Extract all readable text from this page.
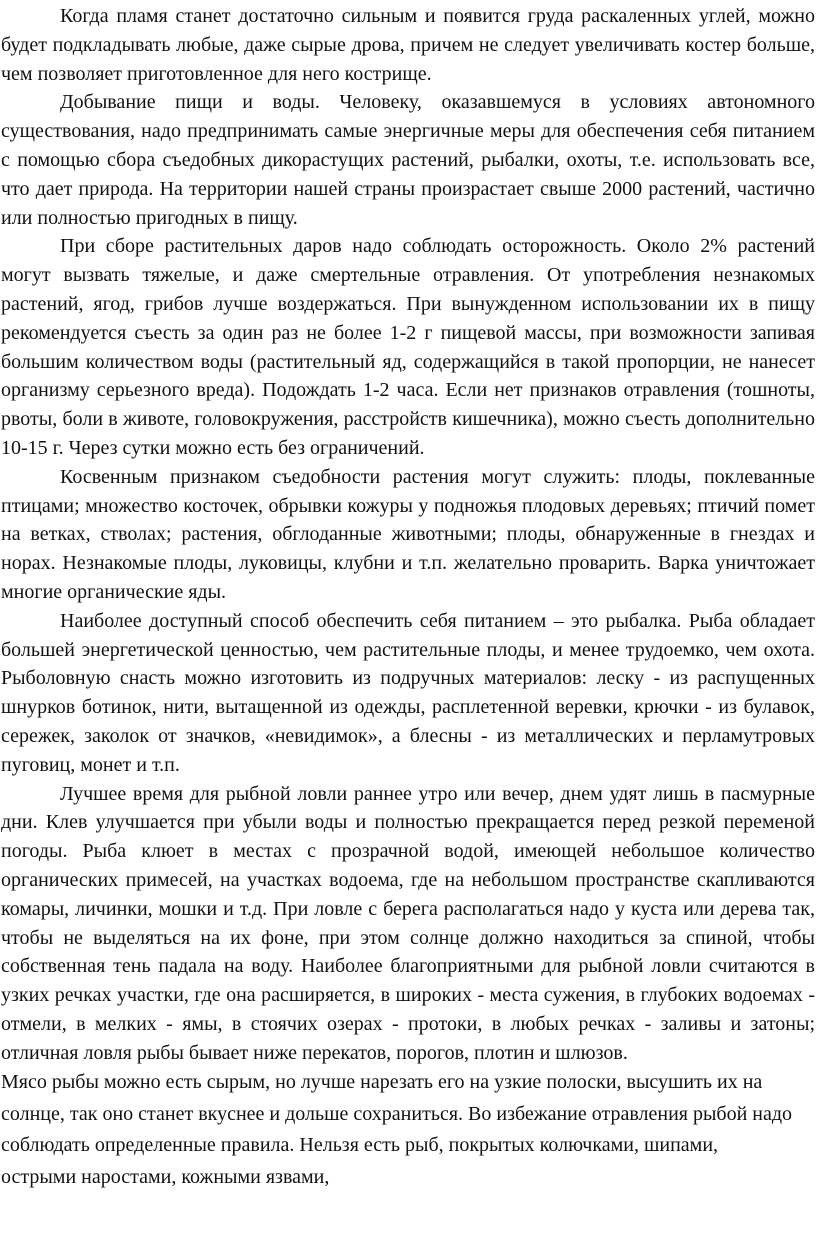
Когда пламя станет достаточно сильным и появится груда раскаленных углей, можно будет подкладывать любые, даже сырые дрова, причем не следует увеличивать костер больше, чем позволяет приготовленное для него кострище.

Добывание пищи и воды. Человеку, оказавшемуся в условиях автономного существования, надо предпринимать самые энергичные меры для обеспечения себя питанием с помощью сбора съедобных дикорастущих растений, рыбалки, охоты, т.е. использовать все, что дает природа. На территории нашей страны произрастает свыше 2000 растений, частично или полностью пригодных в пищу.

При сборе растительных даров надо соблюдать осторожность. Около 2% растений могут вызвать тяжелые, и даже смертельные отравления. От употребления незнакомых растений, ягод, грибов лучше воздержаться. При вынужденном использовании их в пищу рекомендуется съесть за один раз не более 1-2 г пищевой массы, при возможности запивая большим количеством воды (растительный яд, содержащийся в такой пропорции, не нанесет организму серьезного вреда). Подождать 1-2 часа. Если нет признаков отравления (тошноты, рвоты, боли в животе, головокружения, расстройств кишечника), можно съесть дополнительно 10-15 г. Через сутки можно есть без ограничений.

Косвенным признаком съедобности растения могут служить: плоды, поклеванные птицами; множество косточек, обрывки кожуры у подножья плодовых деревьях; птичий помет на ветках, стволах; растения, обглоданные животными; плоды, обнаруженные в гнездах и норах. Незнакомые плоды, луковицы, клубни и т.п. желательно проварить. Варка уничтожает многие органические яды.

Наиболее доступный способ обеспечить себя питанием – это рыбалка. Рыба обладает большей энергетической ценностью, чем растительные плоды, и менее трудоемко, чем охота. Рыболовную снасть можно изготовить из подручных материалов: леску - из распущенных шнурков ботинок, нити, вытащенной из одежды, расплетенной веревки, крючки - из булавок, сережек, заколок от значков, «невидимок», а блесны - из металлических и перламутровых пуговиц, монет и т.п.

Лучшее время для рыбной ловли раннее утро или вечер, днем удят лишь в пасмурные дни. Клев улучшается при убыли воды и полностью прекращается перед резкой переменой погоды. Рыба клюет в местах с прозрачной водой, имеющей небольшое количество органических примесей, на участках водоема, где на небольшом пространстве скапливаются комары, личинки, мошки и т.д. При ловле с берега располагаться надо у куста или дерева так, чтобы не выделяться на их фоне, при этом солнце должно находиться за спиной, чтобы собственная тень падала на воду. Наиболее благоприятными для рыбной ловли считаются в узких речках участки, где она расширяется, в широких - места сужения, в глубоких водоемах - отмели, в мелких - ямы, в стоячих озерах - протоки, в любых речках - заливы и затоны; отличная ловля рыбы бывает ниже перекатов, порогов, плотин и шлюзов.

Мясо рыбы можно есть сырым, но лучше нарезать его на узкие полоски, высушить их на солнце, так оно станет вкуснее и дольше сохраниться. Во избежание отравления рыбой надо соблюдать определенные правила. Нельзя есть рыб, покрытых колючками, шипами, острыми наростами, кожными язвами,
